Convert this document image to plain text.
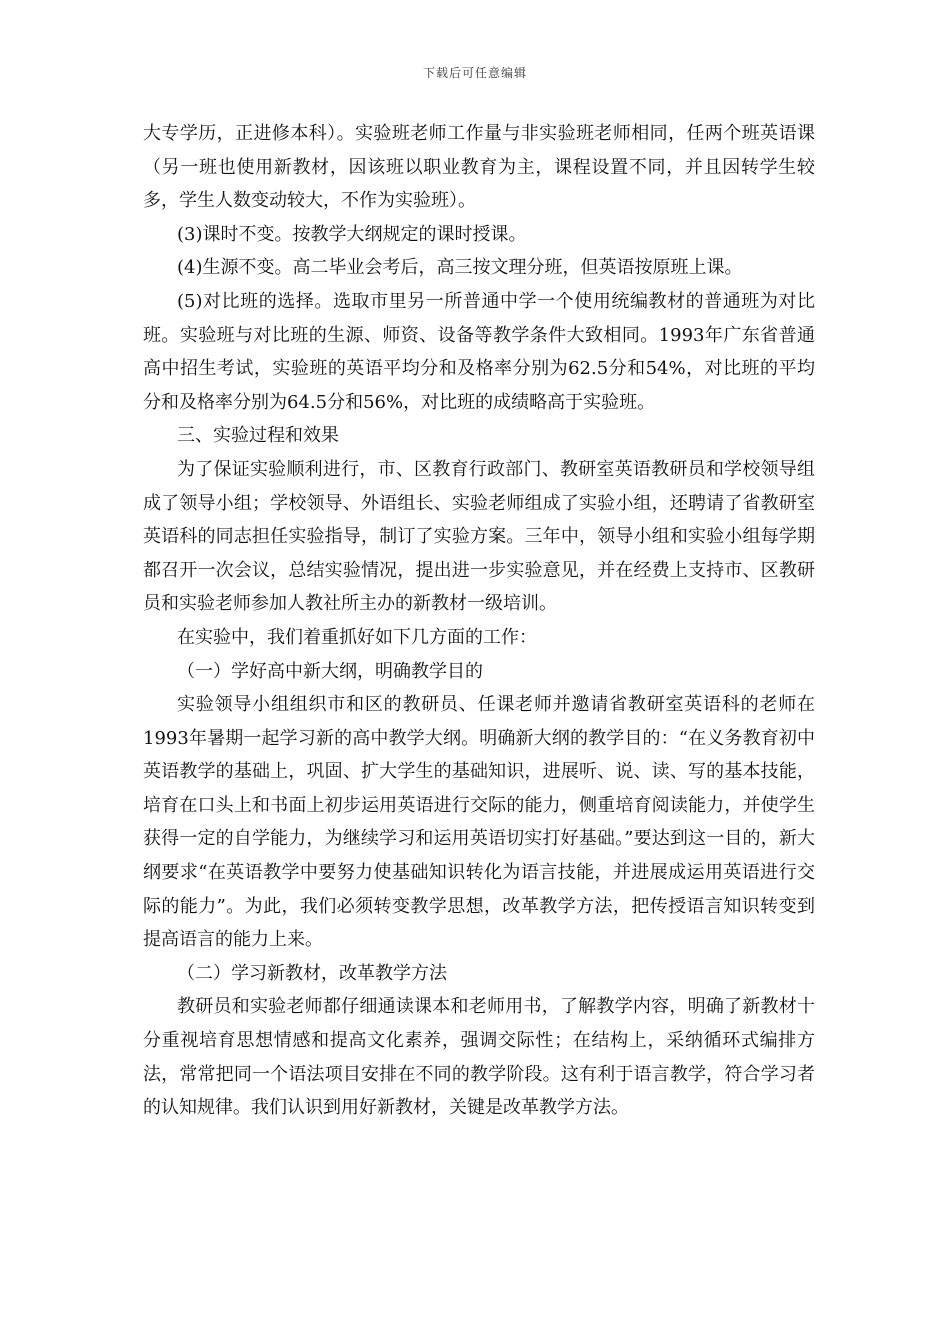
下载后可任意编辑

大专学历，正进修本科）。实验班老师工作量与非实验班老师相同，任两个班英语课（另一班也使用新教材，因该班以职业教育为主，课程设置不同，并且因转学生较多，学生人数变动较大，不作为实验班）。

(3)课时不变。按教学大纲规定的课时授课。

(4)生源不变。高二毕业会考后，高三按文理分班，但英语按原班上课。

(5)对比班的选择。选取市里另一所普通中学一个使用统编教材的普通班为对比班。实验班与对比班的生源、师资、设备等教学条件大致相同。1993年广东省普通高中招生考试，实验班的英语平均分和及格率分别为62.5分和54%，对比班的平均分和及格率分别为64.5分和56%，对比班的成绩略高于实验班。

三、实验过程和效果

为了保证实验顺利进行，市、区教育行政部门、教研室英语教研员和学校领导组成了领导小组；学校领导、外语组长、实验老师组成了实验小组，还聘请了省教研室英语科的同志担任实验指导，制订了实验方案。三年中，领导小组和实验小组每学期都召开一次会议，总结实验情况，提出进一步实验意见，并在经费上支持市、区教研员和实验老师参加人教社所主办的新教材一级培训。

在实验中，我们着重抓好如下几方面的工作：

（一）学好高中新大纲，明确教学目的

实验领导小组组织市和区的教研员、任课老师并邀请省教研室英语科的老师在1993年暑期一起学习新的高中教学大纲。明确新大纲的教学目的：“在义务教育初中英语教学的基础上，巩固、扩大学生的基础知识，进展听、说、读、写的基本技能，培育在口头上和书面上初步运用英语进行交际的能力，侧重培育阅读能力，并使学生获得一定的自学能力，为继续学习和运用英语切实打好基础。”要达到这一目的，新大纲要求“在英语教学中要努力使基础知识转化为语言技能，并进展成运用英语进行交际的能力”。为此，我们必须转变教学思想，改革教学方法，把传授语言知识转变到提高语言的能力上来。

（二）学习新教材，改革教学方法

教研员和实验老师都仔细通读课本和老师用书，了解教学内容，明确了新教材十分重视培育思想情感和提高文化素养，强调交际性；在结构上，采纳循环式编排方法，常常把同一个语法项目安排在不同的教学阶段。这有利于语言教学，符合学习者的认知规律。我们认识到用好新教材，关键是改革教学方法。
